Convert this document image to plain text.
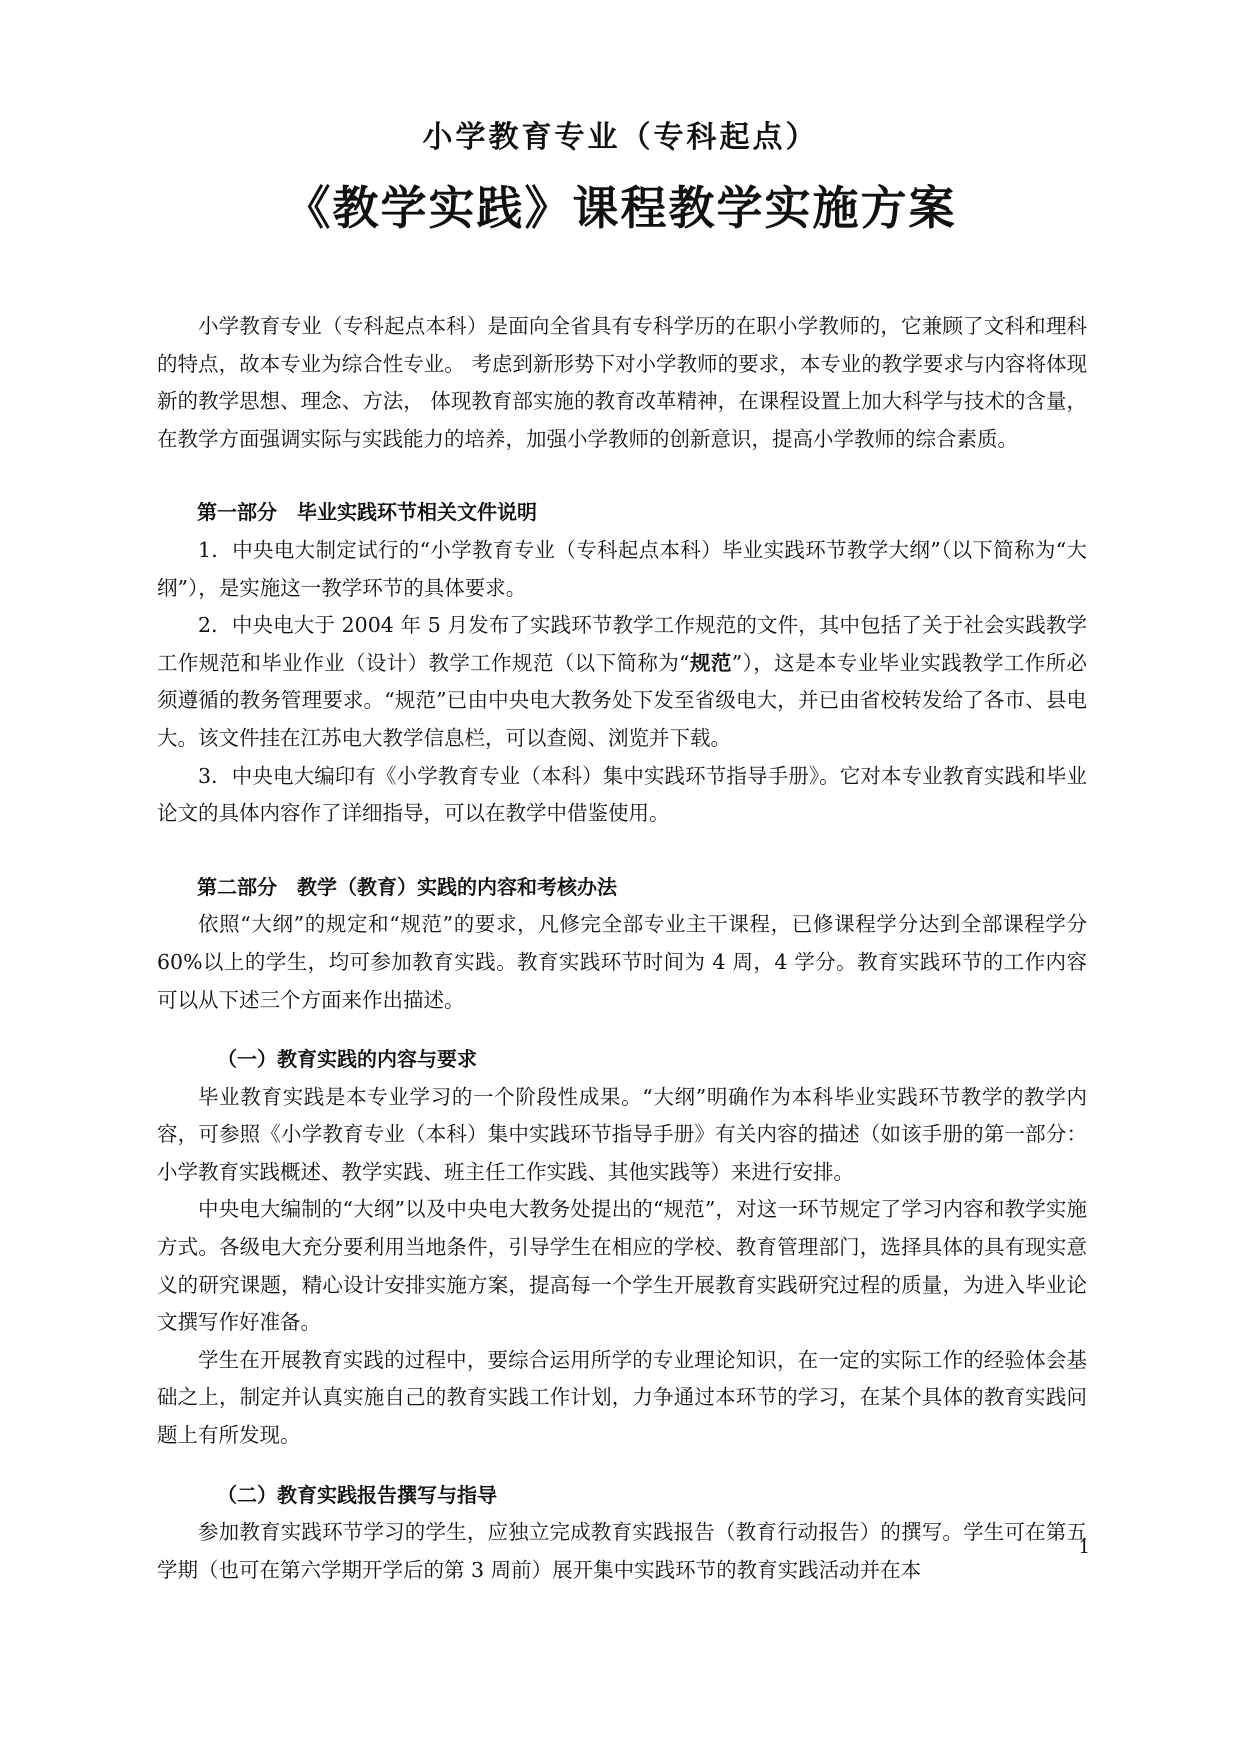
小学教育专业（专科起点）
《教学实践》课程教学实施方案

小学教育专业（专科起点本科）是面向全省具有专科学历的在职小学教师的，它兼顾了文科和理科的特点，故本专业为综合性专业。 考虑到新形势下对小学教师的要求，本专业的教学要求与内容将体现新的教学思想、理念、方法， 体现教育部实施的教育改革精神，在课程设置上加大科学与技术的含量，在教学方面强调实际与实践能力的培养，加强小学教师的创新意识，提高小学教师的综合素质。

第一部分　毕业实践环节相关文件说明

1．中央电大制定试行的“小学教育专业（专科起点本科）毕业实践环节教学大纲”（以下简称为“大纲”），是实施这一教学环节的具体要求。

2．中央电大于 2004 年 5 月发布了实践环节教学工作规范的文件，其中包括了关于社会实践教学工作规范和毕业作业（设计）教学工作规范（以下简称为“规范”），这是本专业毕业实践教学工作所必须遵循的教务管理要求。“规范”已由中央电大教务处下发至省级电大，并已由省校转发给了各市、县电大。该文件挂在江苏电大教学信息栏，可以查阅、浏览并下载。

3．中央电大编印有《小学教育专业（本科）集中实践环节指导手册》。它对本专业教育实践和毕业论文的具体内容作了详细指导，可以在教学中借鉴使用。

第二部分　教学（教育）实践的内容和考核办法

依照“大纲”的规定和“规范”的要求，凡修完全部专业主干课程，已修课程学分达到全部课程学分 60%以上的学生，均可参加教育实践。教育实践环节时间为 4 周，4 学分。教育实践环节的工作内容可以从下述三个方面来作出描述。

（一）教育实践的内容与要求

毕业教育实践是本专业学习的一个阶段性成果。“大纲”明确作为本科毕业实践环节教学的教学内容，可参照《小学教育专业（本科）集中实践环节指导手册》有关内容的描述（如该手册的第一部分：小学教育实践概述、教学实践、班主任工作实践、其他实践等）来进行安排。

中央电大编制的“大纲”以及中央电大教务处提出的“规范”，对这一环节规定了学习内容和教学实施方式。各级电大充分要利用当地条件，引导学生在相应的学校、教育管理部门，选择具体的具有现实意义的研究课题，精心设计安排实施方案，提高每一个学生开展教育实践研究过程的质量，为进入毕业论文撰写作好准备。

学生在开展教育实践的过程中，要综合运用所学的专业理论知识，在一定的实际工作的经验体会基础之上，制定并认真实施自己的教育实践工作计划，力争通过本环节的学习，在某个具体的教育实践问题上有所发现。

（二）教育实践报告撰写与指导

参加教育实践环节学习的学生，应独立完成教育实践报告（教育行动报告）的撰写。学生可在第五学期（也可在第六学期开学后的第 3 周前）展开集中实践环节的教育实践活动并在本

1
